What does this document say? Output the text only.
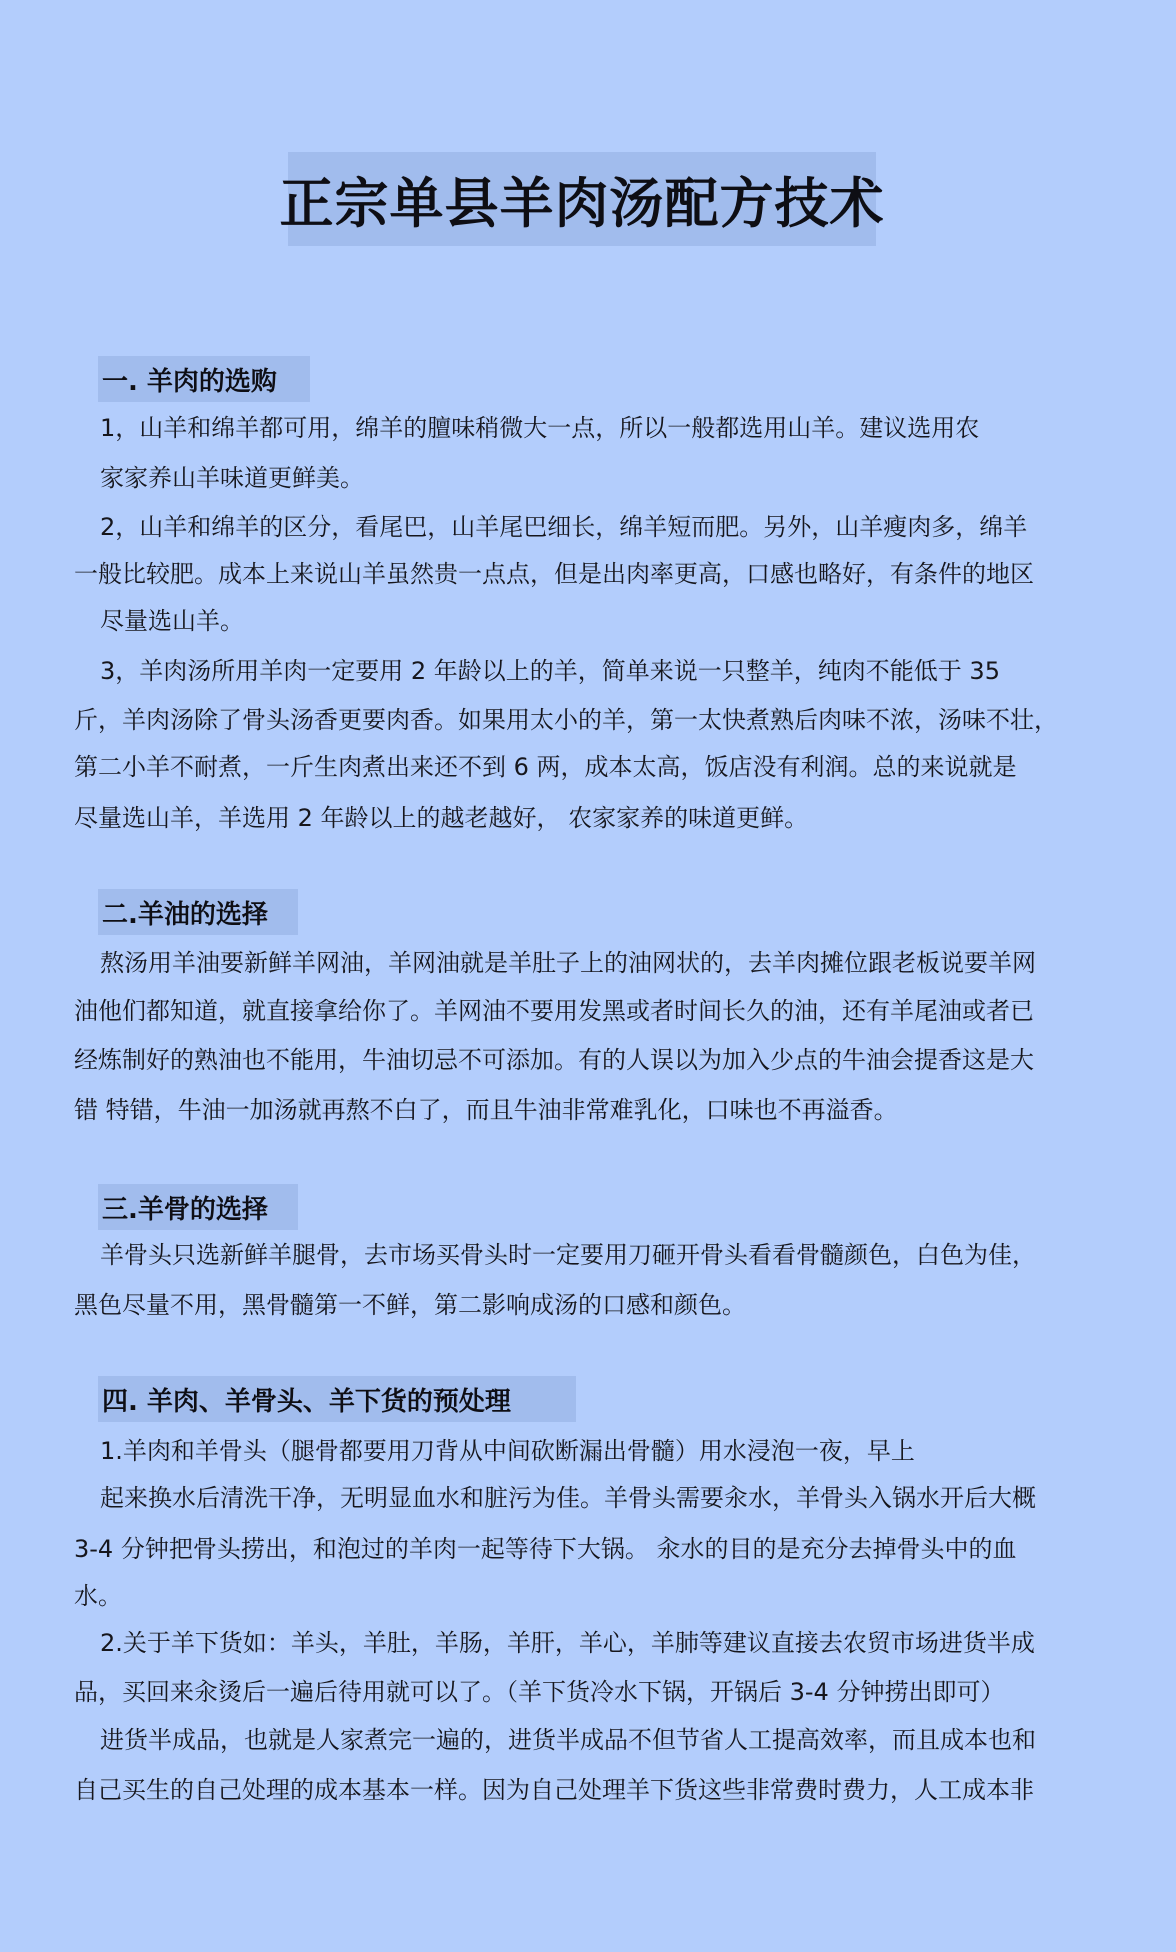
正宗单县羊肉汤配方技术
一. 羊肉的选购
1，山羊和绵羊都可用，绵羊的膻味稍微大一点，所以一般都选用山羊。建议选用农
家家养山羊味道更鲜美。
2，山羊和绵羊的区分，看尾巴，山羊尾巴细长，绵羊短而肥。另外，山羊瘦肉多，绵羊
一般比较肥。成本上来说山羊虽然贵一点点，但是出肉率更高，口感也略好，有条件的地区
尽量选山羊。
3，羊肉汤所用羊肉一定要用 2 年龄以上的羊，简单来说一只整羊，纯肉不能低于 35
斤，羊肉汤除了骨头汤香更要肉香。如果用太小的羊，第一太快煮熟后肉味不浓，汤味不壮，
第二小羊不耐煮，一斤生肉煮出来还不到 6 两，成本太高，饭店没有利润。总的来说就是
尽量选山羊，羊选用 2 年龄以上的越老越好， 农家家养的味道更鲜。
二.羊油的选择
熬汤用羊油要新鲜羊网油，羊网油就是羊肚子上的油网状的，去羊肉摊位跟老板说要羊网
油他们都知道，就直接拿给你了。羊网油不要用发黑或者时间长久的油，还有羊尾油或者已
经炼制好的熟油也不能用，牛油切忌不可添加。有的人误以为加入少点的牛油会提香这是大
错 特错，牛油一加汤就再熬不白了，而且牛油非常难乳化，口味也不再溢香。
三.羊骨的选择
羊骨头只选新鲜羊腿骨，去市场买骨头时一定要用刀砸开骨头看看骨髓颜色，白色为佳，
黑色尽量不用，黑骨髓第一不鲜，第二影响成汤的口感和颜色。
四. 羊肉、羊骨头、羊下货的预处理
1.羊肉和羊骨头（腿骨都要用刀背从中间砍断漏出骨髓）用水浸泡一夜，早上
起来换水后清洗干净，无明显血水和脏污为佳。羊骨头需要汆水，羊骨头入锅水开后大概
3-4 分钟把骨头捞出，和泡过的羊肉一起等待下大锅。 汆水的目的是充分去掉骨头中的血
水。
2.关于羊下货如：羊头，羊肚，羊肠，羊肝，羊心，羊肺等建议直接去农贸市场进货半成
品，买回来汆烫后一遍后待用就可以了。（羊下货冷水下锅，开锅后 3-4 分钟捞出即可）
进货半成品，也就是人家煮完一遍的，进货半成品不但节省人工提高效率，而且成本也和
自己买生的自己处理的成本基本一样。因为自己处理羊下货这些非常费时费力，人工成本非
